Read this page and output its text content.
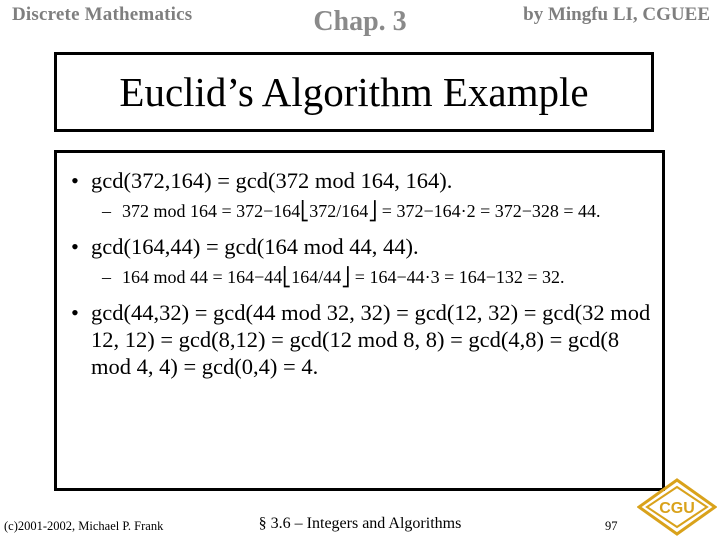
Discrete Mathematics	Chap. 3	by Mingfu LI, CGUEE
Euclid’s Algorithm Example
• gcd(372,164) = gcd(372 mod 164, 164).
– 372 mod 164 = 372−164⎣372/164⎦ = 372−164·2 = 372−328 = 44.
• gcd(164,44) = gcd(164 mod 44, 44).
– 164 mod 44 = 164−44⎣164/44⎦ = 164−44·3 = 164−132 = 32.
• gcd(44,32) = gcd(44 mod 32, 32) = gcd(12, 32) = gcd(32 mod 12, 12) = gcd(8,12) = gcd(12 mod 8, 8) = gcd(4,8) = gcd(8 mod 4, 4) = gcd(0,4) = 4.
(c)2001-2002, Michael P. Frank	§ 3.6 – Integers and Algorithms	97
CGU
